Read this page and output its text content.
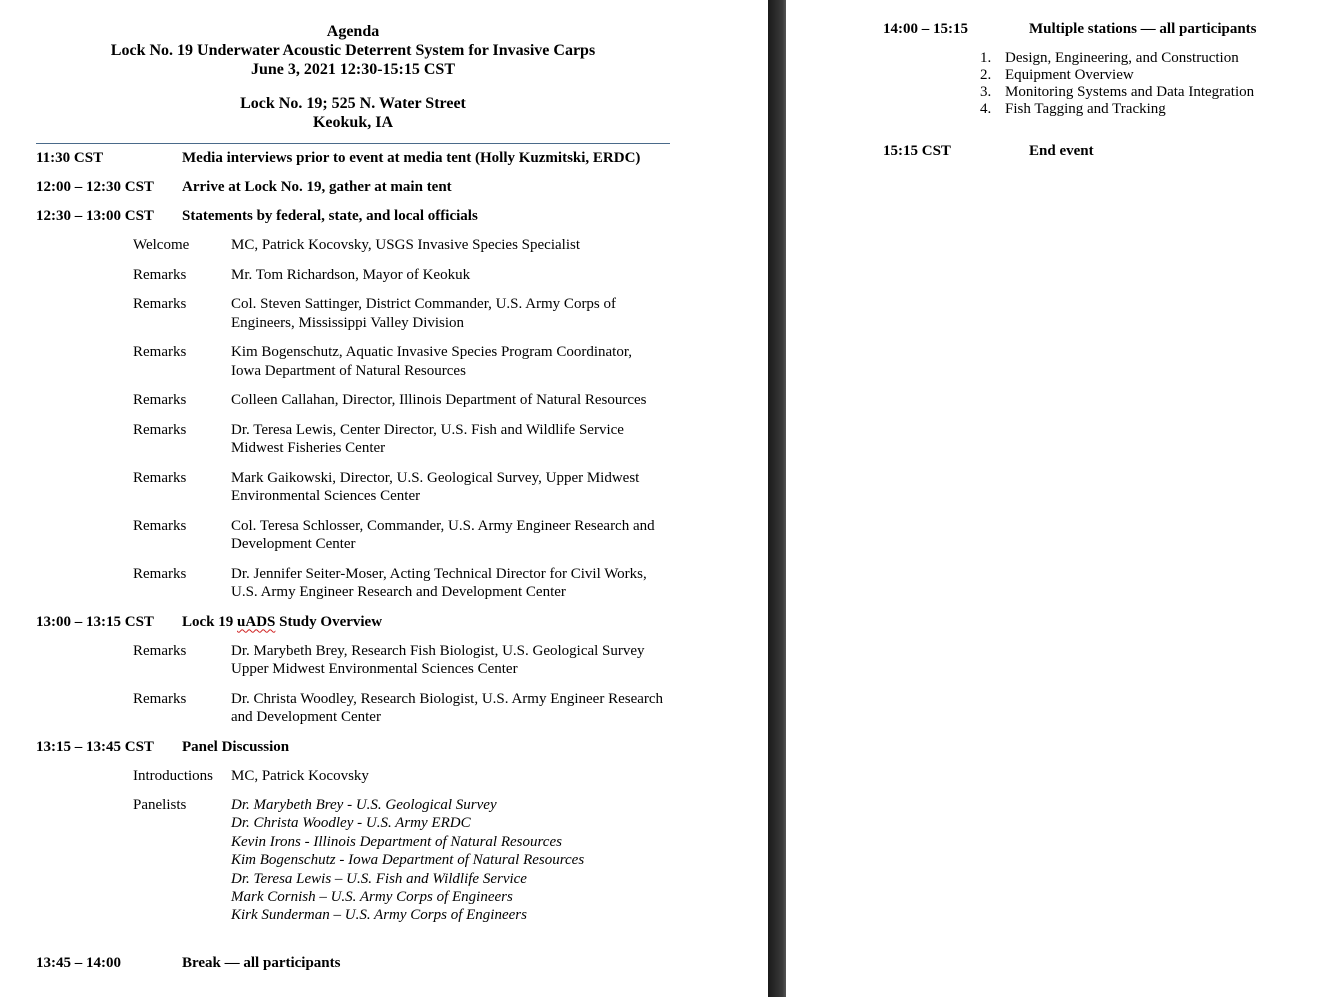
Agenda
Lock No. 19 Underwater Acoustic Deterrent System for Invasive Carps
June 3, 2021 12:30-15:15 CST
Lock No. 19; 525 N. Water Street
Keokuk, IA
11:30 CST	Media interviews prior to event at media tent (Holly Kuzmitski, ERDC)
12:00 – 12:30 CST Arrive at Lock No. 19, gather at main tent
12:30 – 13:00 CST Statements by federal, state, and local officials
Welcome	MC, Patrick Kocovsky, USGS Invasive Species Specialist
Remarks	Mr. Tom Richardson, Mayor of Keokuk
Remarks	Col. Steven Sattinger, District Commander, U.S. Army Corps of
Engineers, Mississippi Valley Division
Remarks	Kim Bogenschutz, Aquatic Invasive Species Program Coordinator,
Iowa Department of Natural Resources
Remarks	Colleen Callahan, Director, Illinois Department of Natural Resources
Remarks	Dr. Teresa Lewis, Center Director, U.S. Fish and Wildlife Service
Midwest Fisheries Center
Remarks	Mark Gaikowski, Director, U.S. Geological Survey, Upper Midwest
Environmental Sciences Center
Remarks	Col. Teresa Schlosser, Commander, U.S. Army Engineer Research and
Development Center
Remarks	Dr. Jennifer Seiter-Moser, Acting Technical Director for Civil Works,
U.S. Army Engineer Research and Development Center
13:00 – 13:15 CST Lock 19 uADS Study Overview
Remarks	Dr. Marybeth Brey, Research Fish Biologist, U.S. Geological Survey
Upper Midwest Environmental Sciences Center
Remarks	Dr. Christa Woodley, Research Biologist, U.S. Army Engineer Research
and Development Center
13:15 – 13:45 CST Panel Discussion
Introductions MC, Patrick Kocovsky
Panelists	Dr. Marybeth Brey - U.S. Geological Survey
Dr. Christa Woodley - U.S. Army ERDC
Kevin Irons - Illinois Department of Natural Resources
Kim Bogenschutz - Iowa Department of Natural Resources
Dr. Teresa Lewis – U.S. Fish and Wildlife Service
Mark Cornish – U.S. Army Corps of Engineers
Kirk Sunderman – U.S. Army Corps of Engineers
13:45 – 14:00	Break — all participants
14:00 – 15:15	Multiple stations — all participants
1. Design, Engineering, and Construction
2. Equipment Overview
3. Monitoring Systems and Data Integration
4. Fish Tagging and Tracking
15:15 CST	End event
